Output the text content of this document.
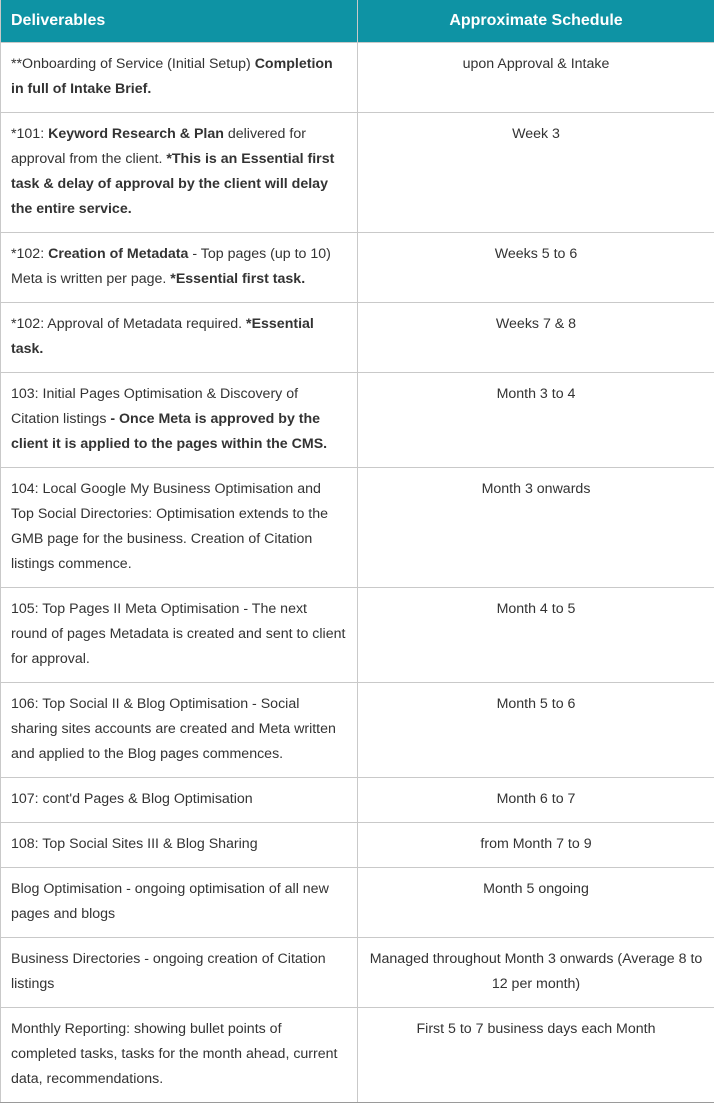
Deliverables	Approximate Schedule
**Onboarding of Service (Initial Setup) Completion in full of Intake Brief.	upon Approval & Intake
*101: Keyword Research & Plan delivered for approval from the client. *This is an Essential first task & delay of approval by the client will delay the entire service.	Week 3
*102: Creation of Metadata - Top pages (up to 10) Meta is written per page. *Essential first task.	Weeks 5 to 6
*102: Approval of Metadata required. *Essential task.	Weeks 7 & 8
103: Initial Pages Optimisation & Discovery of Citation listings - Once Meta is approved by the client it is applied to the pages within the CMS.	Month 3 to 4
104: Local Google My Business Optimisation and Top Social Directories: Optimisation extends to the GMB page for the business. Creation of Citation listings commence.	Month 3 onwards
105: Top Pages II Meta Optimisation - The next round of pages Metadata is created and sent to client for approval.	Month 4 to 5
106: Top Social II & Blog Optimisation - Social sharing sites accounts are created and Meta written and applied to the Blog pages commences.	Month 5 to 6
107: cont'd Pages & Blog Optimisation	Month 6 to 7
108: Top Social Sites III & Blog Sharing	from Month 7 to 9
Blog Optimisation - ongoing optimisation of all new pages and blogs	Month 5 ongoing
Business Directories - ongoing creation of Citation listings	Managed throughout Month 3 onwards (Average 8 to 12 per month)
Monthly Reporting: showing bullet points of completed tasks, tasks for the month ahead, current data, recommendations.	First 5 to 7 business days each Month
